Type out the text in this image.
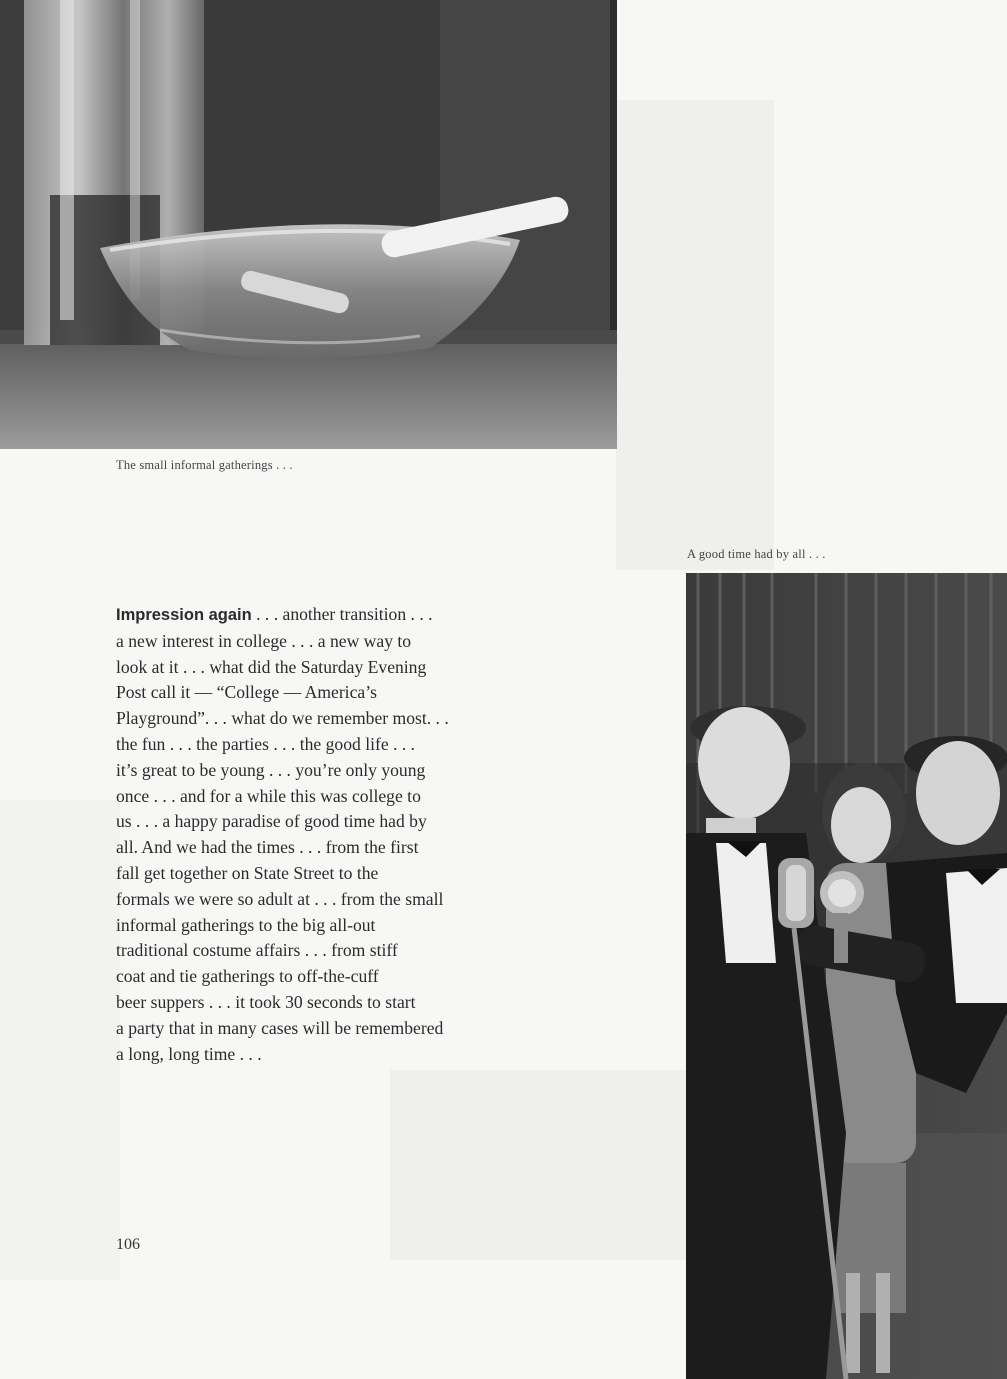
The small informal gatherings . . .
A good time had by all . . .
Impression again . . . another transition . . .
a new interest in college . . . a new way to
look at it . . . what did the Saturday Evening
Post call it — “College — America’s
Playground”. . . what do we remember most. . .
the fun . . . the parties . . . the good life . . .
it’s great to be young . . . you’re only young
once . . . and for a while this was college to
us . . . a happy paradise of good time had by
all. And we had the times . . . from the first
fall get together on State Street to the
formals we were so adult at . . . from the small
informal gatherings to the big all-out
traditional costume affairs . . . from stiff
coat and tie gatherings to off-the-cuff
beer suppers . . . it took 30 seconds to start
a party that in many cases will be remembered
a long, long time . . .
106
